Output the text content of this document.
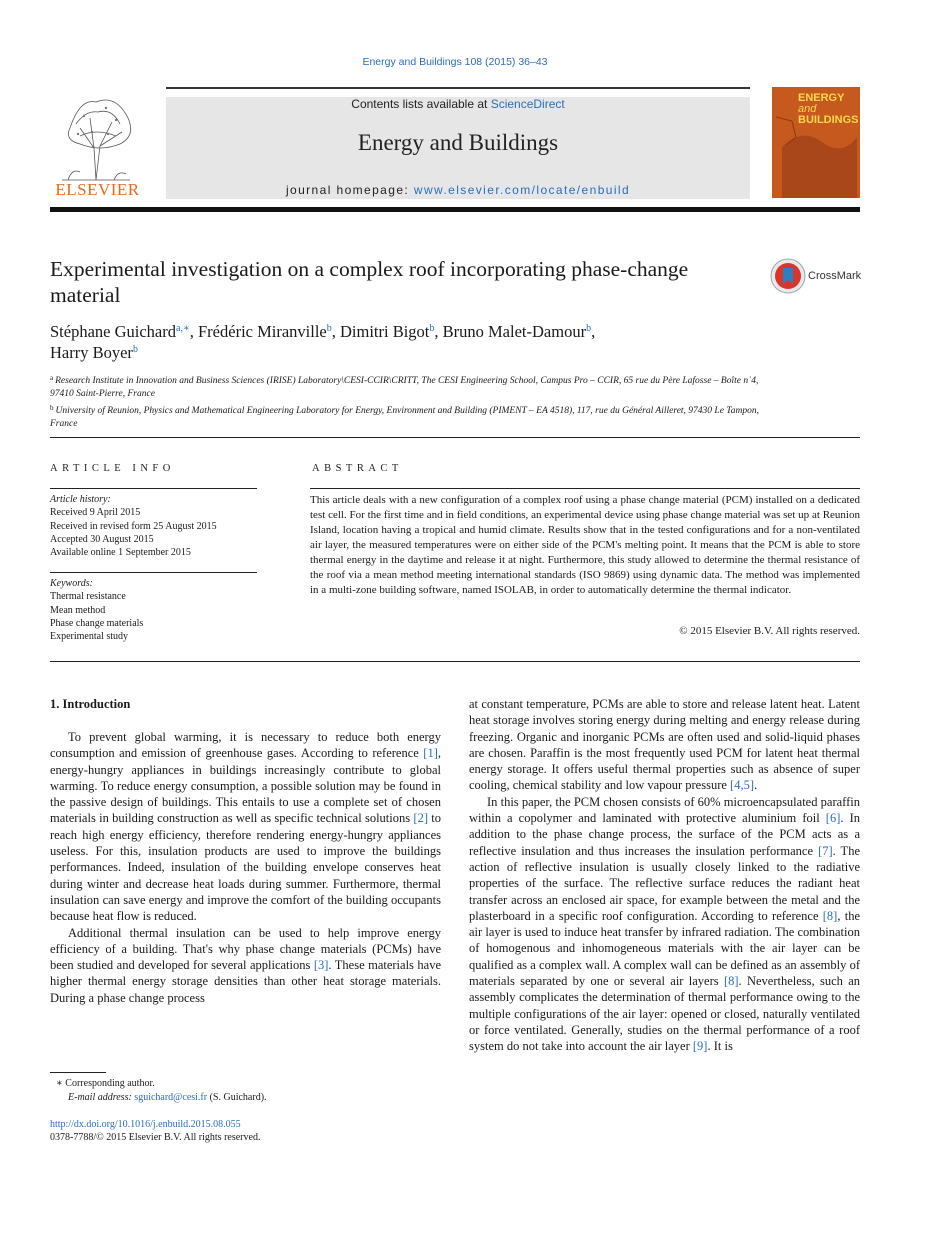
Energy and Buildings 108 (2015) 36–43
ELSEVIER
Contents lists available at ScienceDirect
Energy and Buildings
journal homepage: www.elsevier.com/locate/enbuild
ENERGY
and
BUILDINGS
Experimental investigation on a complex roof incorporating phase-change material
CrossMark
Stéphane Guichard$^{a,∗}$, Frédéric Miranville$^b$, Dimitri Bigot$^b$, Bruno Malet-Damour$^b$,
Harry Boyer$^b$
$^a$ Research Institute in Innovation and Business Sciences (IRISE) Laboratory\CESI-CCIR\CRITT, The CESI Engineering School, Campus Pro – CCIR, 65 rue du Père Lafosse – Boîte n˙4, 97410 Saint-Pierre, France
$^b$ University of Reunion, Physics and Mathematical Engineering Laboratory for Energy, Environment and Building (PIMENT – EA 4518), 117, rue du Général Ailleret, 97430 Le Tampon, France
ARTICLE INFO
Article history:
Received 9 April 2015
Received in revised form 25 August 2015
Accepted 30 August 2015
Available online 1 September 2015
Keywords:
Thermal resistance
Mean method
Phase change materials
Experimental study
ABSTRACT
This article deals with a new configuration of a complex roof using a phase change material (PCM) installed on a dedicated test cell. For the first time and in field conditions, an experimental device using phase change material was set up at Reunion Island, location having a tropical and humid climate. Results show that in the tested configurations and for a non-ventilated air layer, the measured temperatures were on either side of the PCM's melting point. It means that the PCM is able to store thermal energy in the daytime and release it at night. Furthermore, this study allowed to determine the thermal resistance of the roof via a mean method meeting international standards (ISO 9869) using dynamic data. The method was implemented in a multi-zone building software, named ISOLAB, in order to automatically determine the thermal indicator.
© 2015 Elsevier B.V. All rights reserved.
1. Introduction

To prevent global warming, it is necessary to reduce both energy consumption and emission of greenhouse gases. According to reference [1], energy-hungry appliances in buildings increasingly contribute to global warming. To reduce energy consumption, a possible solution may be found in the passive design of buildings. This entails to use a complete set of chosen materials in building construction as well as specific technical solutions [2] to reach high energy efficiency, therefore rendering energy-hungry appliances useless. For this, insulation products are used to improve the buildings performances. Indeed, insulation of the building envelope conserves heat during winter and decrease heat loads during summer. Furthermore, thermal insulation can save energy and improve the comfort of the building occupants because heat flow is reduced.

Additional thermal insulation can be used to help improve energy efficiency of a building. That's why phase change materials (PCMs) have been studied and developed for several applications [3]. These materials have higher thermal energy storage densities than other heat storage materials. During a phase change process

at constant temperature, PCMs are able to store and release latent heat. Latent heat storage involves storing energy during melting and energy release during freezing. Organic and inorganic PCMs are often used and solid-liquid phases are chosen. Paraffin is the most frequently used PCM for latent heat thermal energy storage. It offers useful thermal properties such as absence of super cooling, chemical stability and low vapour pressure [4,5].

In this paper, the PCM chosen consists of 60% microencapsulated paraffin within a copolymer and laminated with protective aluminium foil [6]. In addition to the phase change process, the surface of the PCM acts as a reflective insulation and thus increases the insulation performance [7]. The action of reflective insulation is usually closely linked to the radiative properties of the surface. The reflective surface reduces the radiant heat transfer across an enclosed air space, for example between the metal and the plasterboard in a specific roof configuration. According to reference [8], the air layer is used to induce heat transfer by infrared radiation. The combination of homogenous and inhomogeneous materials with the air layer can be qualified as a complex wall. A complex wall can be defined as an assembly of materials separated by one or several air layers [8]. Nevertheless, such an assembly complicates the determination of thermal performance owing to the multiple configurations of the air layer: opened or closed, naturally ventilated or force ventilated. Generally, studies on the thermal performance of a roof system do not take into account the air layer [9]. It is

∗ Corresponding author.
E-mail address: sguichard@cesi.fr (S. Guichard).
http://dx.doi.org/10.1016/j.enbuild.2015.08.055
0378-7788/© 2015 Elsevier B.V. All rights reserved.
